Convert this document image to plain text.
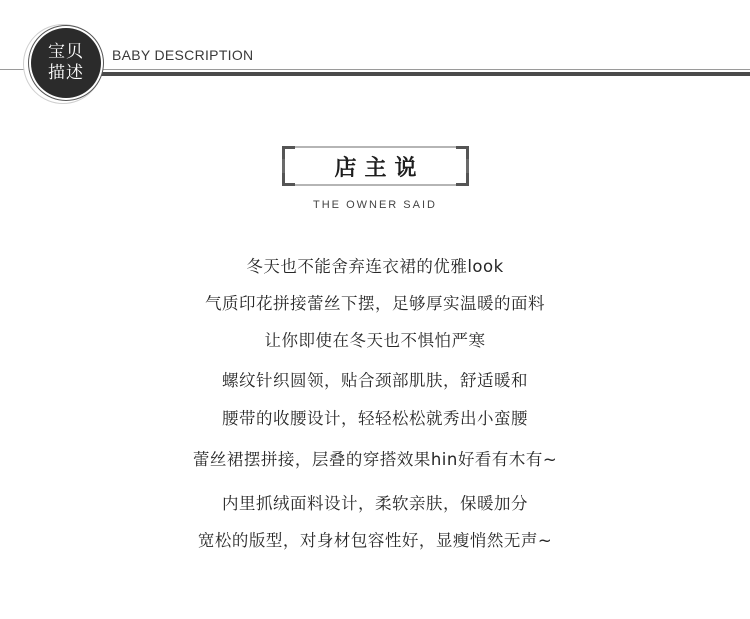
宝贝
描述
BABY DESCRIPTION
店主说
THE OWNER SAID
冬天也不能舍弃连衣裙的优雅look
气质印花拼接蕾丝下摆，足够厚实温暖的面料
让你即使在冬天也不惧怕严寒
螺纹针织圆领，贴合颈部肌肤，舒适暖和
腰带的收腰设计，轻轻松松就秀出小蛮腰
蕾丝裙摆拼接，层叠的穿搭效果hin好看有木有~
内里抓绒面料设计，柔软亲肤，保暖加分
宽松的版型，对身材包容性好，显瘦悄然无声~
